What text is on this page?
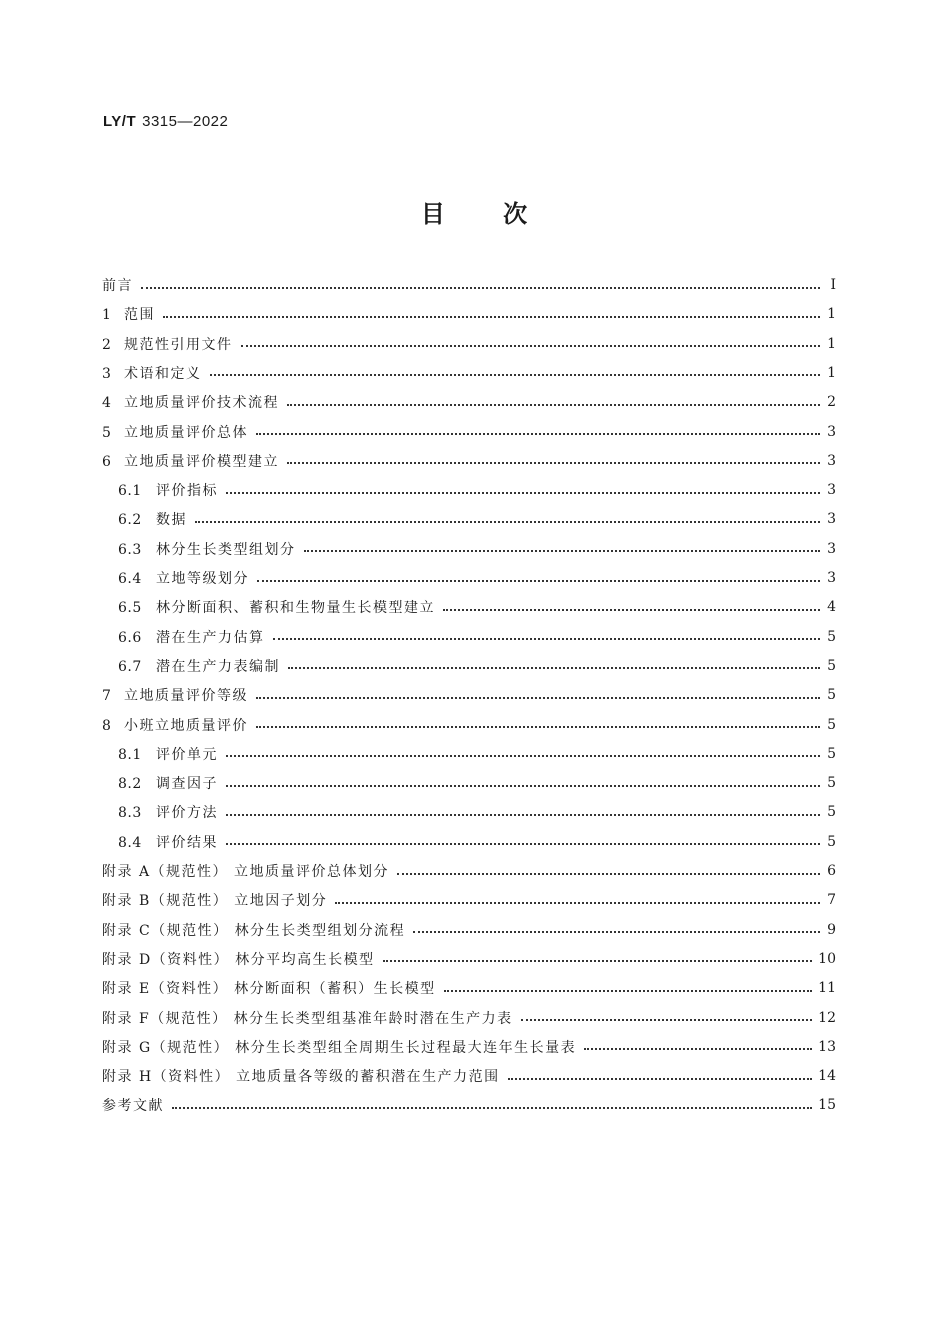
LY/T 3315—2022
目 次
前言	Ⅰ
1 范围	1
2 规范性引用文件	1
3 术语和定义	1
4 立地质量评价技术流程	2
5 立地质量评价总体	3
6 立地质量评价模型建立	3
6.1 评价指标	3
6.2 数据	3
6.3 林分生长类型组划分	3
6.4 立地等级划分	3
6.5 林分断面积、蓄积和生物量生长模型建立	4
6.6 潜在生产力估算	5
6.7 潜在生产力表编制	5
7 立地质量评价等级	5
8 小班立地质量评价	5
8.1 评价单元	5
8.2 调查因子	5
8.3 评价方法	5
8.4 评价结果	5
附录 A（规范性） 立地质量评价总体划分	6
附录 B（规范性） 立地因子划分	7
附录 C（规范性） 林分生长类型组划分流程	9
附录 D（资料性） 林分平均高生长模型	10
附录 E（资料性） 林分断面积（蓄积）生长模型	11
附录 F（规范性） 林分生长类型组基准年龄时潜在生产力表	12
附录 G（规范性） 林分生长类型组全周期生长过程最大连年生长量表	13
附录 H（资料性） 立地质量各等级的蓄积潜在生产力范围	14
参考文献	15
